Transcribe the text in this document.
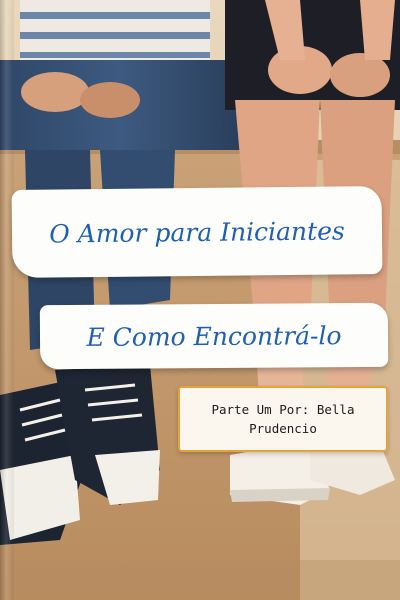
O Amor para Iniciantes
E Como Encontrá-lo
Parte Um Por: Bella
Prudencio
